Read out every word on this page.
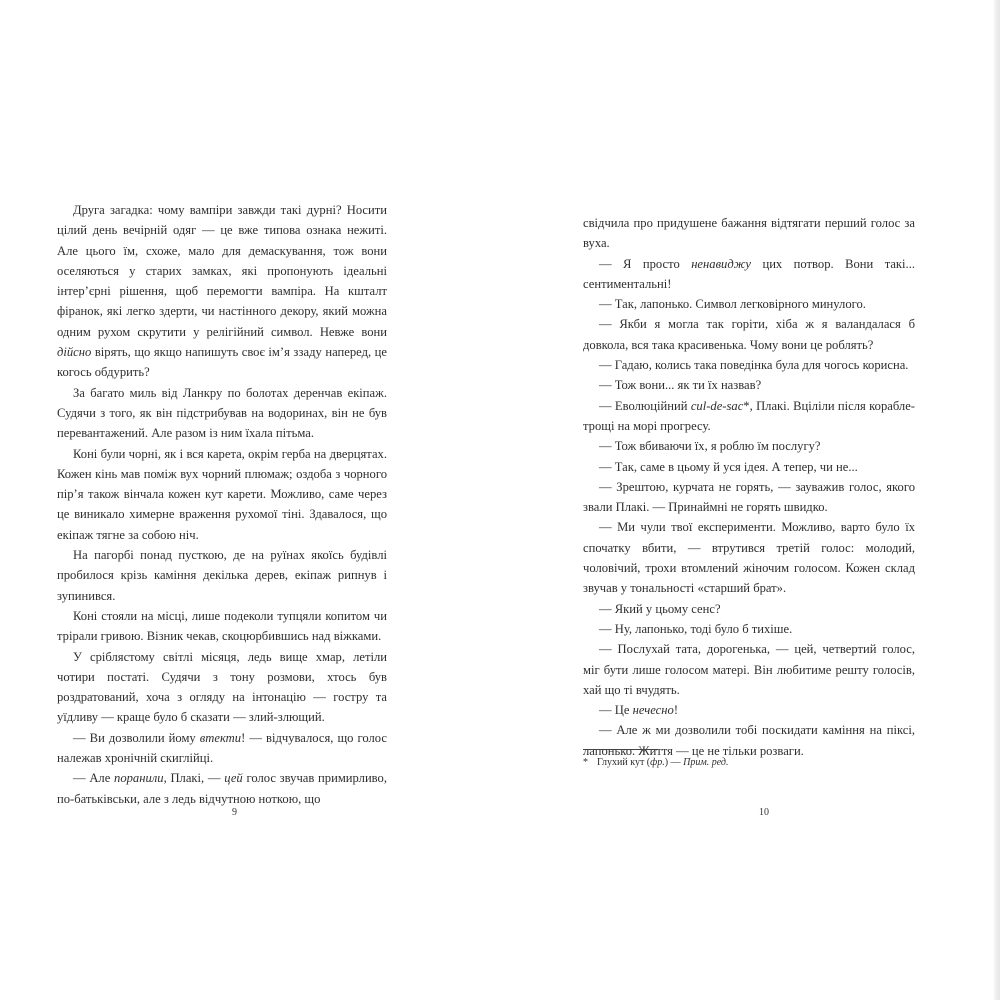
Друга загадка: чому вампіри завжди такі дурні? Носити цілий день вечірній одяг — це вже типова ознака нежиті. Але цього їм, схоже, мало для демаскування, тож вони оселяються у старих замках, які пропонують ідеальні інтер’єрні рішення, щоб перемогти вампіра. На кшталт фіранок, які легко здерти, чи настінного декору, який можна одним рухом скрутити у релігійний символ. Невже вони дійсно вірять, що якщо напишуть своє ім’я ззаду наперед, це когось обдурить?

За багато миль від Ланкру по болотах деренчав екіпаж. Судячи з того, як він підстрибував на водоринах, він не був перевантажений. Але разом із ним їхала пітьма.

Коні були чорні, як і вся карета, окрім герба на дверцятах. Кожен кінь мав поміж вух чорний плюмаж; оздоба з чорного пір’я також вінчала кожен кут карети. Можливо, саме через це виникало химерне враження рухомої тіні. Здавалося, що екіпаж тягне за собою ніч.

На пагорбі понад пусткою, де на руїнах якоїсь будівлі пробилося крізь каміння декілька дерев, екіпаж рипнув і зупинився.

Коні стояли на місці, лише подеколи тупцяли копитом чи трipали гривою. Візник чекав, скоцюрбившись над віжками.

У сріблястому світлі місяця, ледь вище хмар, летіли чотири постаті. Судячи з тону розмови, хтось був роздратований, хоча з огляду на інтонацію — гостру та уїдливу — краще було б сказати — злий-злющий.

— Ви дозволили йому втекти! — відчувалося, що голос належав хронічній скиглійці.

— Але поранили, Плакі, — цей голос звучав примирливо, по-батьківськи, але з ледь відчутною ноткою, що

9

свідчила про придушене бажання відтягати перший голос за вуха.

— Я просто ненавиджу цих потвор. Вони такі... сентиментальні!

— Так, лапонько. Символ легковірного минулого.

— Якби я могла так горіти, хіба ж я валандалася б довкола, вся така красивенька. Чому вони це роблять?

— Гадаю, колись така поведінка була для чогось корисна.

— Тож вони... як ти їх назвав?

— Еволюційний cul-de-sac*, Плакі. Вціліли після кораблетрощі на морі прогресу.

— Тож вбиваючи їх, я роблю їм послугу?

— Так, саме в цьому й уся ідея. А тепер, чи не...

— Зрештою, курчата не горять, — зауважив голос, якого звали Плакі. — Принаймні не горять швидко.

— Ми чули твої експерименти. Можливо, варто було їх спочатку вбити, — втрутився третій голос: молодий, чоловічий, трохи втомлений жіночим голосом. Кожен склад звучав у тональності «старший брат».

— Який у цьому сенс?

— Ну, лапонько, тоді було б тихіше.

— Послухай тата, дорогенька, — цей, четвертий голос, міг бути лише голосом матері. Він любитиме решту голосів, хай що ті вчудять.

— Це нечесно!

— Але ж ми дозволили тобі поскидати каміння на піксі, лапонько. Життя — це не тільки розваги.

* Глухий кут (фр.) — Прим. ред.
10
